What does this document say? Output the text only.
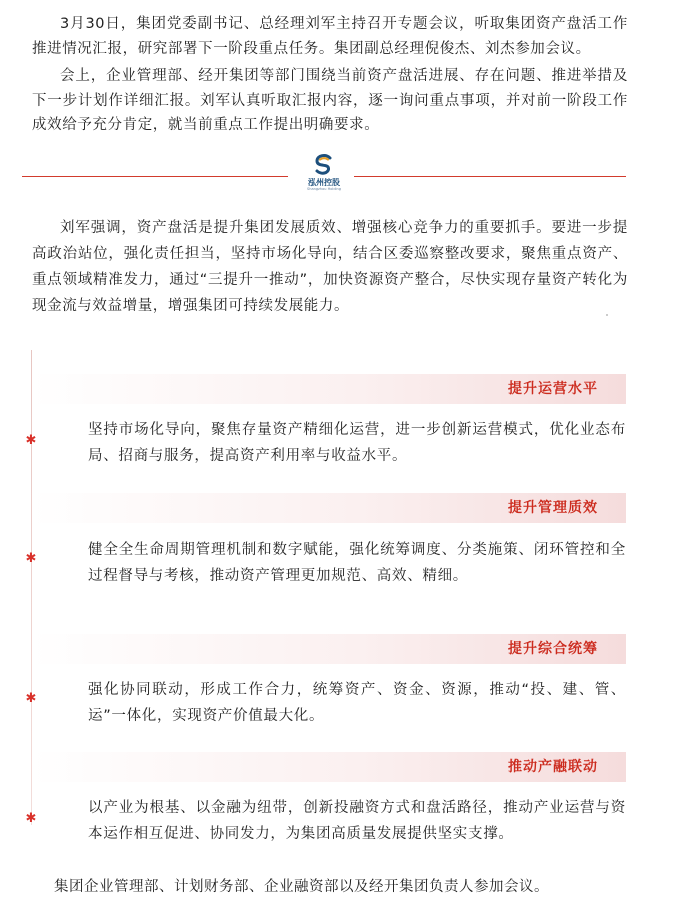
3月30日，集团党委副书记、总经理刘军主持召开专题会议，听取集团资产盘活工作推进情况汇报，研究部署下一阶段重点任务。集团副总经理倪俊杰、刘杰参加会议。

会上，企业管理部、经开集团等部门围绕当前资产盘活进展、存在问题、推进举措及下一步计划作详细汇报。刘军认真听取汇报内容，逐一询问重点事项，并对前一阶段工作成效给予充分肯定，就当前重点工作提出明确要求。

泓州控股
Shangzhou Holding

刘军强调，资产盘活是提升集团发展质效、增强核心竞争力的重要抓手。要进一步提高政治站位，强化责任担当，坚持市场化导向，结合区委巡察整改要求，聚焦重点资产、重点领域精准发力，通过“三提升一推动”，加快资源资产整合，尽快实现存量资产转化为现金流与效益增量，增强集团可持续发展能力。

提升运营水平
✱

坚持市场化导向，聚焦存量资产精细化运营，进一步创新运营模式，优化业态布局、招商与服务，提高资产利用率与收益水平。

提升管理质效
✱

健全全生命周期管理机制和数字赋能，强化统筹调度、分类施策、闭环管控和全过程督导与考核，推动资产管理更加规范、高效、精细。

提升综合统筹
✱

强化协同联动，形成工作合力，统筹资产、资金、资源，推动“投、建、管、运”一体化，实现资产价值最大化。

推动产融联动
✱

以产业为根基、以金融为纽带，创新投融资方式和盘活路径，推动产业运营与资本运作相互促进、协同发力，为集团高质量发展提供坚实支撑。

集团企业管理部、计划财务部、企业融资部以及经开集团负责人参加会议。
